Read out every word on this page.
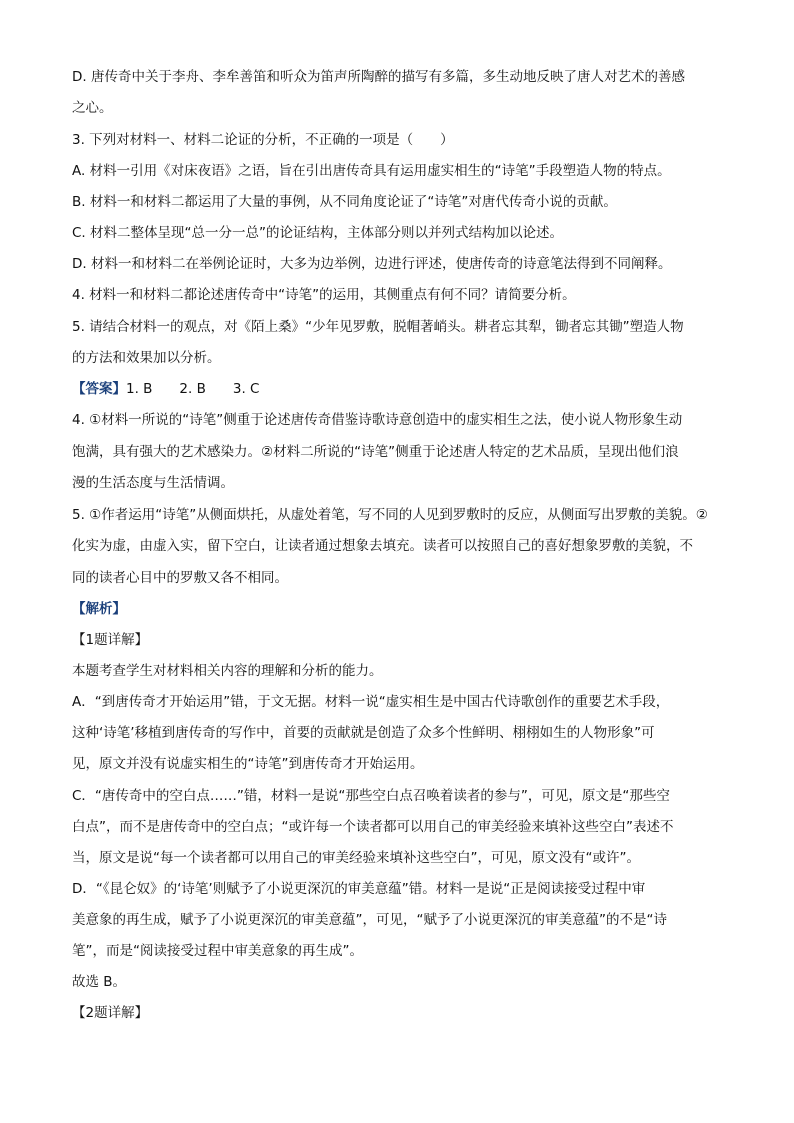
D. 唐传奇中关于李舟、李牟善笛和听众为笛声所陶醉的描写有多篇，多生动地反映了唐人对艺术的善感
之心。
3. 下列对材料一、材料二论证的分析，不正确的一项是（　　）
A. 材料一引用《对床夜语》之语，旨在引出唐传奇具有运用虚实相生的“诗笔”手段塑造人物的特点。
B. 材料一和材料二都运用了大量的事例，从不同角度论证了“诗笔”对唐代传奇小说的贡献。
C. 材料二整体呈现“总一分一总”的论证结构，主体部分则以并列式结构加以论述。
D. 材料一和材料二在举例论证时，大多为边举例，边进行评述，使唐传奇的诗意笔法得到不同阐释。
4. 材料一和材料二都论述唐传奇中“诗笔”的运用，其侧重点有何不同？请简要分析。
5. 请结合材料一的观点，对《陌上桑》“少年见罗敷，脱帽著峭头。耕者忘其犁，锄者忘其锄”塑造人物
的方法和效果加以分析。
【答案】1. B　　2. B　　3. C
4. ①材料一所说的“诗笔”侧重于论述唐传奇借鉴诗歌诗意创造中的虚实相生之法，使小说人物形象生动
饱满，具有强大的艺术感染力。②材料二所说的“诗笔”侧重于论述唐人特定的艺术品质，呈现出他们浪
漫的生活态度与生活情调。
5. ①作者运用“诗笔”从侧面烘托，从虚处着笔，写不同的人见到罗敷时的反应，从侧面写出罗敷的美貌。②
化实为虚，由虚入实，留下空白，让读者通过想象去填充。读者可以按照自己的喜好想象罗敷的美貌，不
同的读者心目中的罗敷又各不相同。
【解析】
【1题详解】
本题考查学生对材料相关内容的理解和分析的能力。
A．“到唐传奇才开始运用”错，于文无据。材料一说“虚实相生是中国古代诗歌创作的重要艺术手段，
这种‘诗笔’移植到唐传奇的写作中，首要的贡献就是创造了众多个性鲜明、栩栩如生的人物形象”可
见，原文并没有说虚实相生的“诗笔”到唐传奇才开始运用。
C．“唐传奇中的空白点……”错，材料一是说“那些空白点召唤着读者的参与”，可见，原文是“那些空
白点”，而不是唐传奇中的空白点；“或许每一个读者都可以用自己的审美经验来填补这些空白”表述不
当，原文是说“每一个读者都可以用自己的审美经验来填补这些空白”，可见，原文没有“或许”。
D．“《昆仑奴》的‘诗笔’则赋予了小说更深沉的审美意蕴”错。材料一是说“正是阅读接受过程中审
美意象的再生成，赋予了小说更深沉的审美意蕴”，可见，“赋予了小说更深沉的审美意蕴”的不是“诗
笔”，而是“阅读接受过程中审美意象的再生成”。
故选 B。
【2题详解】
